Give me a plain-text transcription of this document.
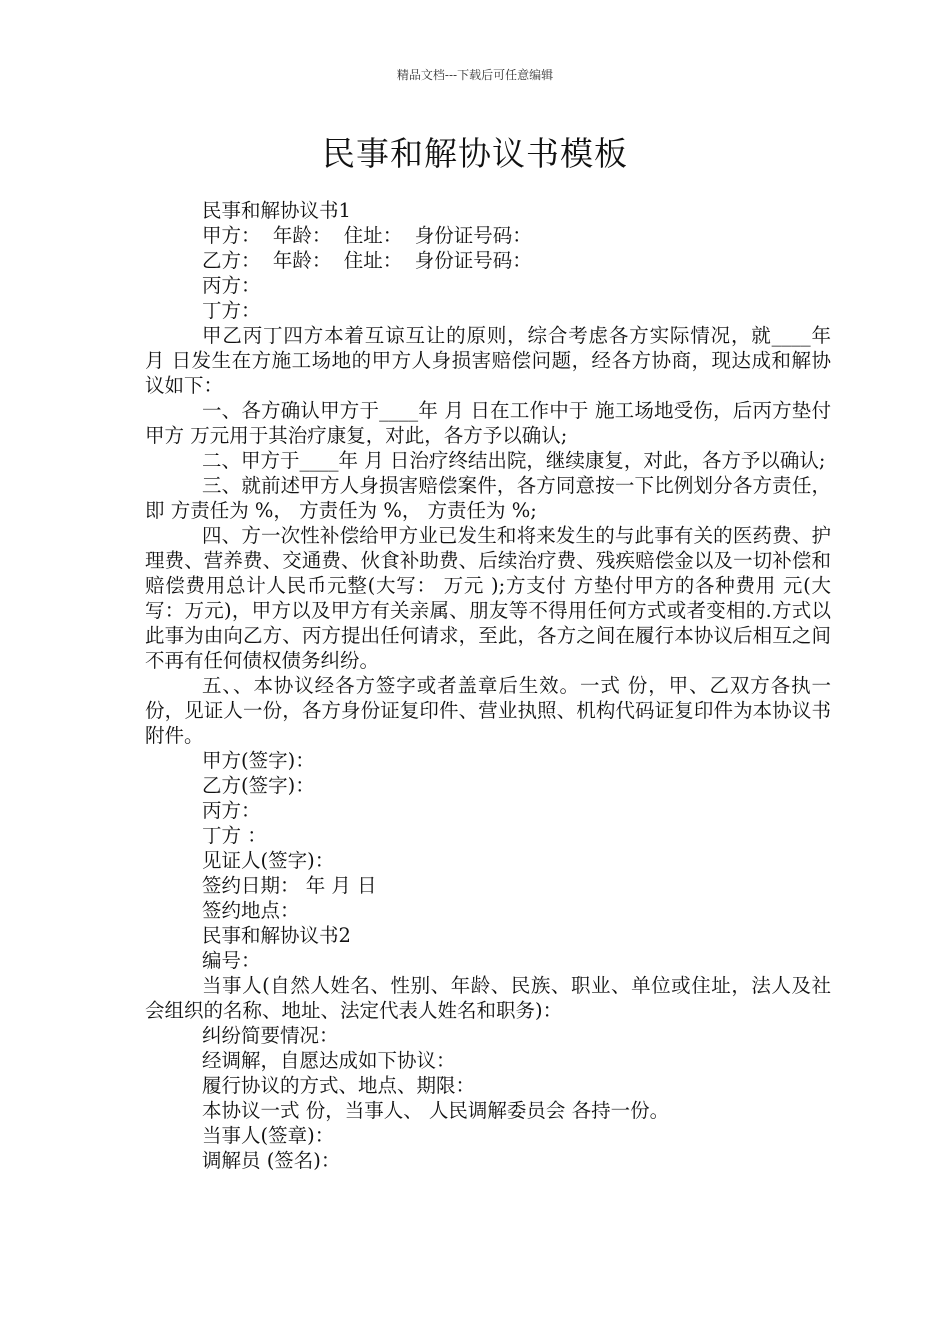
精品文档---下载后可任意编辑
民事和解协议书模板

民事和解协议书1

甲方：  年龄：  住址：  身份证号码：

乙方：  年龄：  住址：  身份证号码：

丙方：

丁方：

甲乙丙丁四方本着互谅互让的原则，综合考虑各方实际情况，就____年 月 日发生在方施工场地的甲方人身损害赔偿问题，经各方协商，现达成和解协议如下：

一、各方确认甲方于____年 月 日在工作中于 施工场地受伤，后丙方垫付甲方 万元用于其治疗康复，对此，各方予以确认;

二、甲方于____年 月 日治疗终结出院，继续康复，对此，各方予以确认;

三、就前述甲方人身损害赔偿案件，各方同意按一下比例划分各方责任，即 方责任为 %， 方责任为 %， 方责任为 %;

四、方一次性补偿给甲方业已发生和将来发生的与此事有关的医药费、护理费、营养费、交通费、伙食补助费、后续治疗费、残疾赔偿金以及一切补偿和赔偿费用总计人民币元整(大写： 万元 );方支付 方垫付甲方的各种费用 元(大写：万元)，甲方以及甲方有关亲属、朋友等不得用任何方式或者变相的.方式以此事为由向乙方、丙方提出任何请求，至此，各方之间在履行本协议后相互之间不再有任何债权债务纠纷。

五、、本协议经各方签字或者盖章后生效。一式 份，甲、乙双方各执一份，见证人一份，各方身份证复印件、营业执照、机构代码证复印件为本协议书附件。

甲方(签字)：

乙方(签字)：

丙方：

丁方 ：

见证人(签字)：

签约日期： 年 月 日

签约地点：

民事和解协议书2

编号：

当事人(自然人姓名、性别、年龄、民族、职业、单位或住址，法人及社会组织的名称、地址、法定代表人姓名和职务)：

纠纷简要情况：

经调解，自愿达成如下协议：

履行协议的方式、地点、期限：

本协议一式 份，当事人、 人民调解委员会 各持一份。

当事人(签章)：

调解员 (签名)：
